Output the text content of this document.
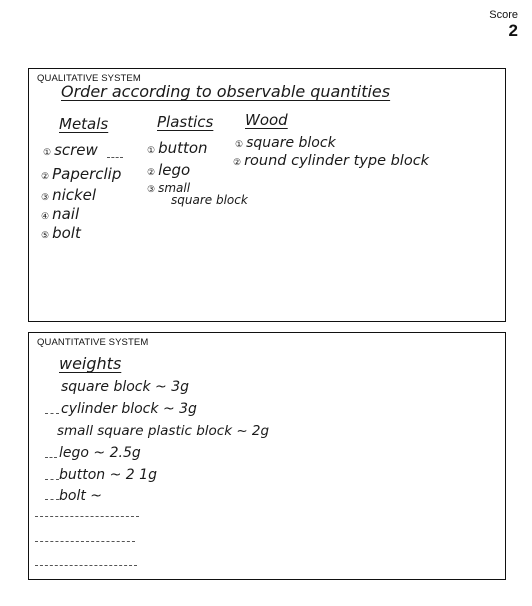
Score
2
QUALITATIVE SYSTEM
Order according to observable quantities
Metals	Plastics Wood
① screw
② Paperclip
③ nickel
④ nail
⑤ bolt
① button
② lego
③ small
square block
① square block
② round cylinder type block
QUANTITATIVE SYSTEM
weights
square block ~ 3g
cylinder block ~ 3g
small square plastic block ~ 2g
lego ~ 2.5g
button ~ 2 1g
bolt ~
